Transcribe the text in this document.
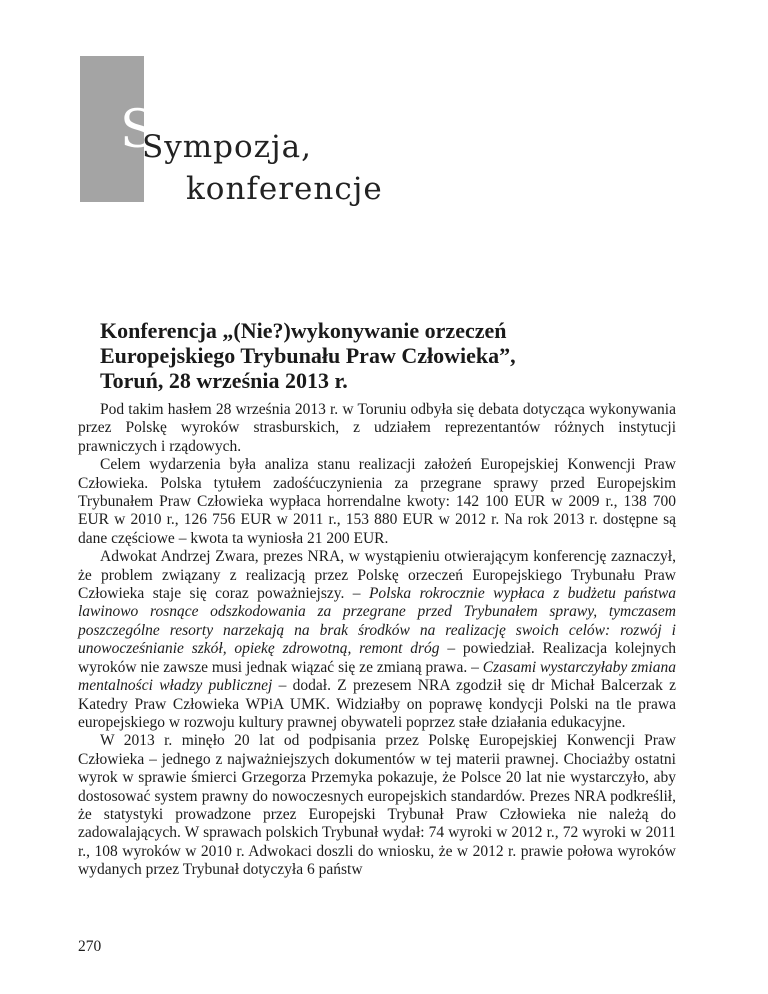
S
Sympozja,
konferencje
Konferencja „(Nie?)wykonywanie orzeczeń
Europejskiego Trybunału Praw Człowieka”,
Toruń, 28 września 2013 r.

Pod takim hasłem 28 września 2013 r. w Toruniu odbyła się debata dotycząca wykonywania przez Polskę wyroków strasburskich, z udziałem reprezentantów różnych instytucji prawniczych i rządowych.

Celem wydarzenia była analiza stanu realizacji założeń Europejskiej Konwencji Praw Człowieka. Polska tytułem zadośćuczynienia za przegrane sprawy przed Europejskim Trybunałem Praw Człowieka wypłaca horrendalne kwoty: 142 100 EUR w 2009 r., 138 700 EUR w 2010 r., 126 756 EUR w 2011 r., 153 880 EUR w 2012 r. Na rok 2013 r. dostępne są dane częściowe – kwota ta wyniosła 21 200 EUR.

Adwokat Andrzej Zwara, prezes NRA, w wystąpieniu otwierającym konferencję zaznaczył, że problem związany z realizacją przez Polskę orzeczeń Europejskiego Trybunału Praw Człowieka staje się coraz poważniejszy. – Polska rokrocznie wypłaca z budżetu państwa lawinowo rosnące odszkodowania za przegrane przed Trybunałem sprawy, tymczasem poszczególne resorty narzekają na brak środków na realizację swoich celów: rozwój i unowocześnianie szkół, opiekę zdrowotną, remont dróg – powiedział. Realizacja kolejnych wyroków nie zawsze musi jednak wiązać się ze zmianą prawa. – Czasami wystarczyłaby zmiana mentalności władzy publicznej – dodał. Z prezesem NRA zgodził się dr Michał Balcerzak z Katedry Praw Człowieka WPiA UMK. Widziałby on poprawę kondycji Polski na tle prawa europejskiego w rozwoju kultury prawnej obywateli poprzez stałe działania edukacyjne.

W 2013 r. minęło 20 lat od podpisania przez Polskę Europejskiej Konwencji Praw Człowieka – jednego z najważniejszych dokumentów w tej materii prawnej. Chociażby ostatni wyrok w sprawie śmierci Grzegorza Przemyka pokazuje, że Polsce 20 lat nie wystarczyło, aby dostosować system prawny do nowoczesnych europejskich standardów. Prezes NRA podkreślił, że statystyki prowadzone przez Europejski Trybunał Praw Człowieka nie należą do zadowalających. W sprawach polskich Trybunał wydał: 74 wyroki w 2012 r., 72 wyroki w 2011 r., 108 wyroków w 2010 r. Adwokaci doszli do wniosku, że w 2012 r. prawie połowa wyroków wydanych przez Trybunał dotyczyła 6 państw

270
